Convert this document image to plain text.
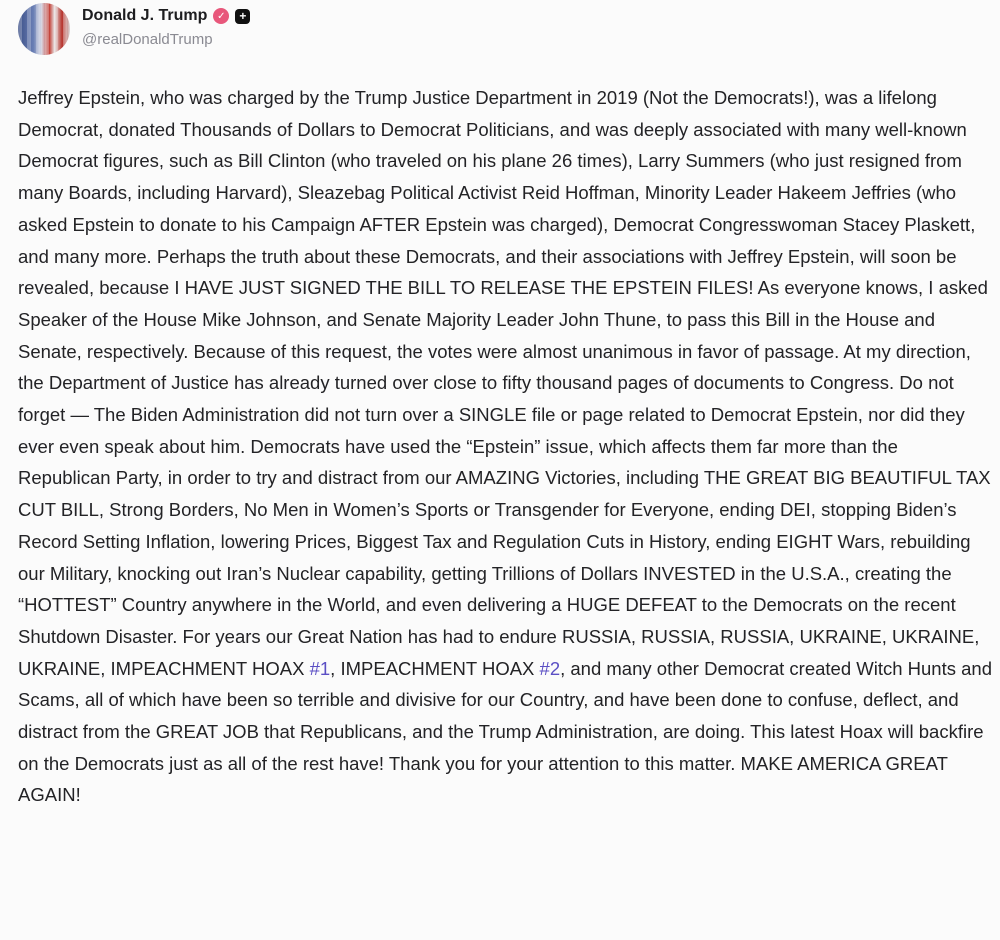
Donald J. Trump ✓	+
@realDonaldTrump

Jeffrey Epstein, who was charged by the Trump Justice Department in 2019 (Not the Democrats!), was a lifelong Democrat, donated Thousands of Dollars to Democrat Politicians, and was deeply associated with many well-known Democrat figures, such as Bill Clinton (who traveled on his plane 26 times), Larry Summers (who just resigned from many Boards, including Harvard), Sleazebag Political Activist Reid Hoffman, Minority Leader Hakeem Jeffries (who asked Epstein to donate to his Campaign AFTER Epstein was charged), Democrat Congresswoman Stacey Plaskett, and many more. Perhaps the truth about these Democrats, and their associations with Jeffrey Epstein, will soon be revealed, because I HAVE JUST SIGNED THE BILL TO RELEASE THE EPSTEIN FILES! As everyone knows, I asked Speaker of the House Mike Johnson, and Senate Majority Leader John Thune, to pass this Bill in the House and Senate, respectively. Because of this request, the votes were almost unanimous in favor of passage. At my direction, the Department of Justice has already turned over close to fifty thousand pages of documents to Congress. Do not forget — The Biden Administration did not turn over a SINGLE file or page related to Democrat Epstein, nor did they ever even speak about him. Democrats have used the “Epstein” issue, which affects them far more than the Republican Party, in order to try and distract from our AMAZING Victories, including THE GREAT BIG BEAUTIFUL TAX CUT BILL, Strong Borders, No Men in Women’s Sports or Transgender for Everyone, ending DEI, stopping Biden’s Record Setting Inflation, lowering Prices, Biggest Tax and Regulation Cuts in History, ending EIGHT Wars, rebuilding our Military, knocking out Iran’s Nuclear capability, getting Trillions of Dollars INVESTED in the U.S.A., creating the “HOTTEST” Country anywhere in the World, and even delivering a HUGE DEFEAT to the Democrats on the recent Shutdown Disaster. For years our Great Nation has had to endure RUSSIA, RUSSIA, RUSSIA, UKRAINE, UKRAINE, UKRAINE, IMPEACHMENT HOAX #1, IMPEACHMENT HOAX #2, and many other Democrat created Witch Hunts and Scams, all of which have been so terrible and divisive for our Country, and have been done to confuse, deflect, and distract from the GREAT JOB that Republicans, and the Trump Administration, are doing. This latest Hoax will backfire on the Democrats just as all of the rest have! Thank you for your attention to this matter. MAKE AMERICA GREAT AGAIN!
